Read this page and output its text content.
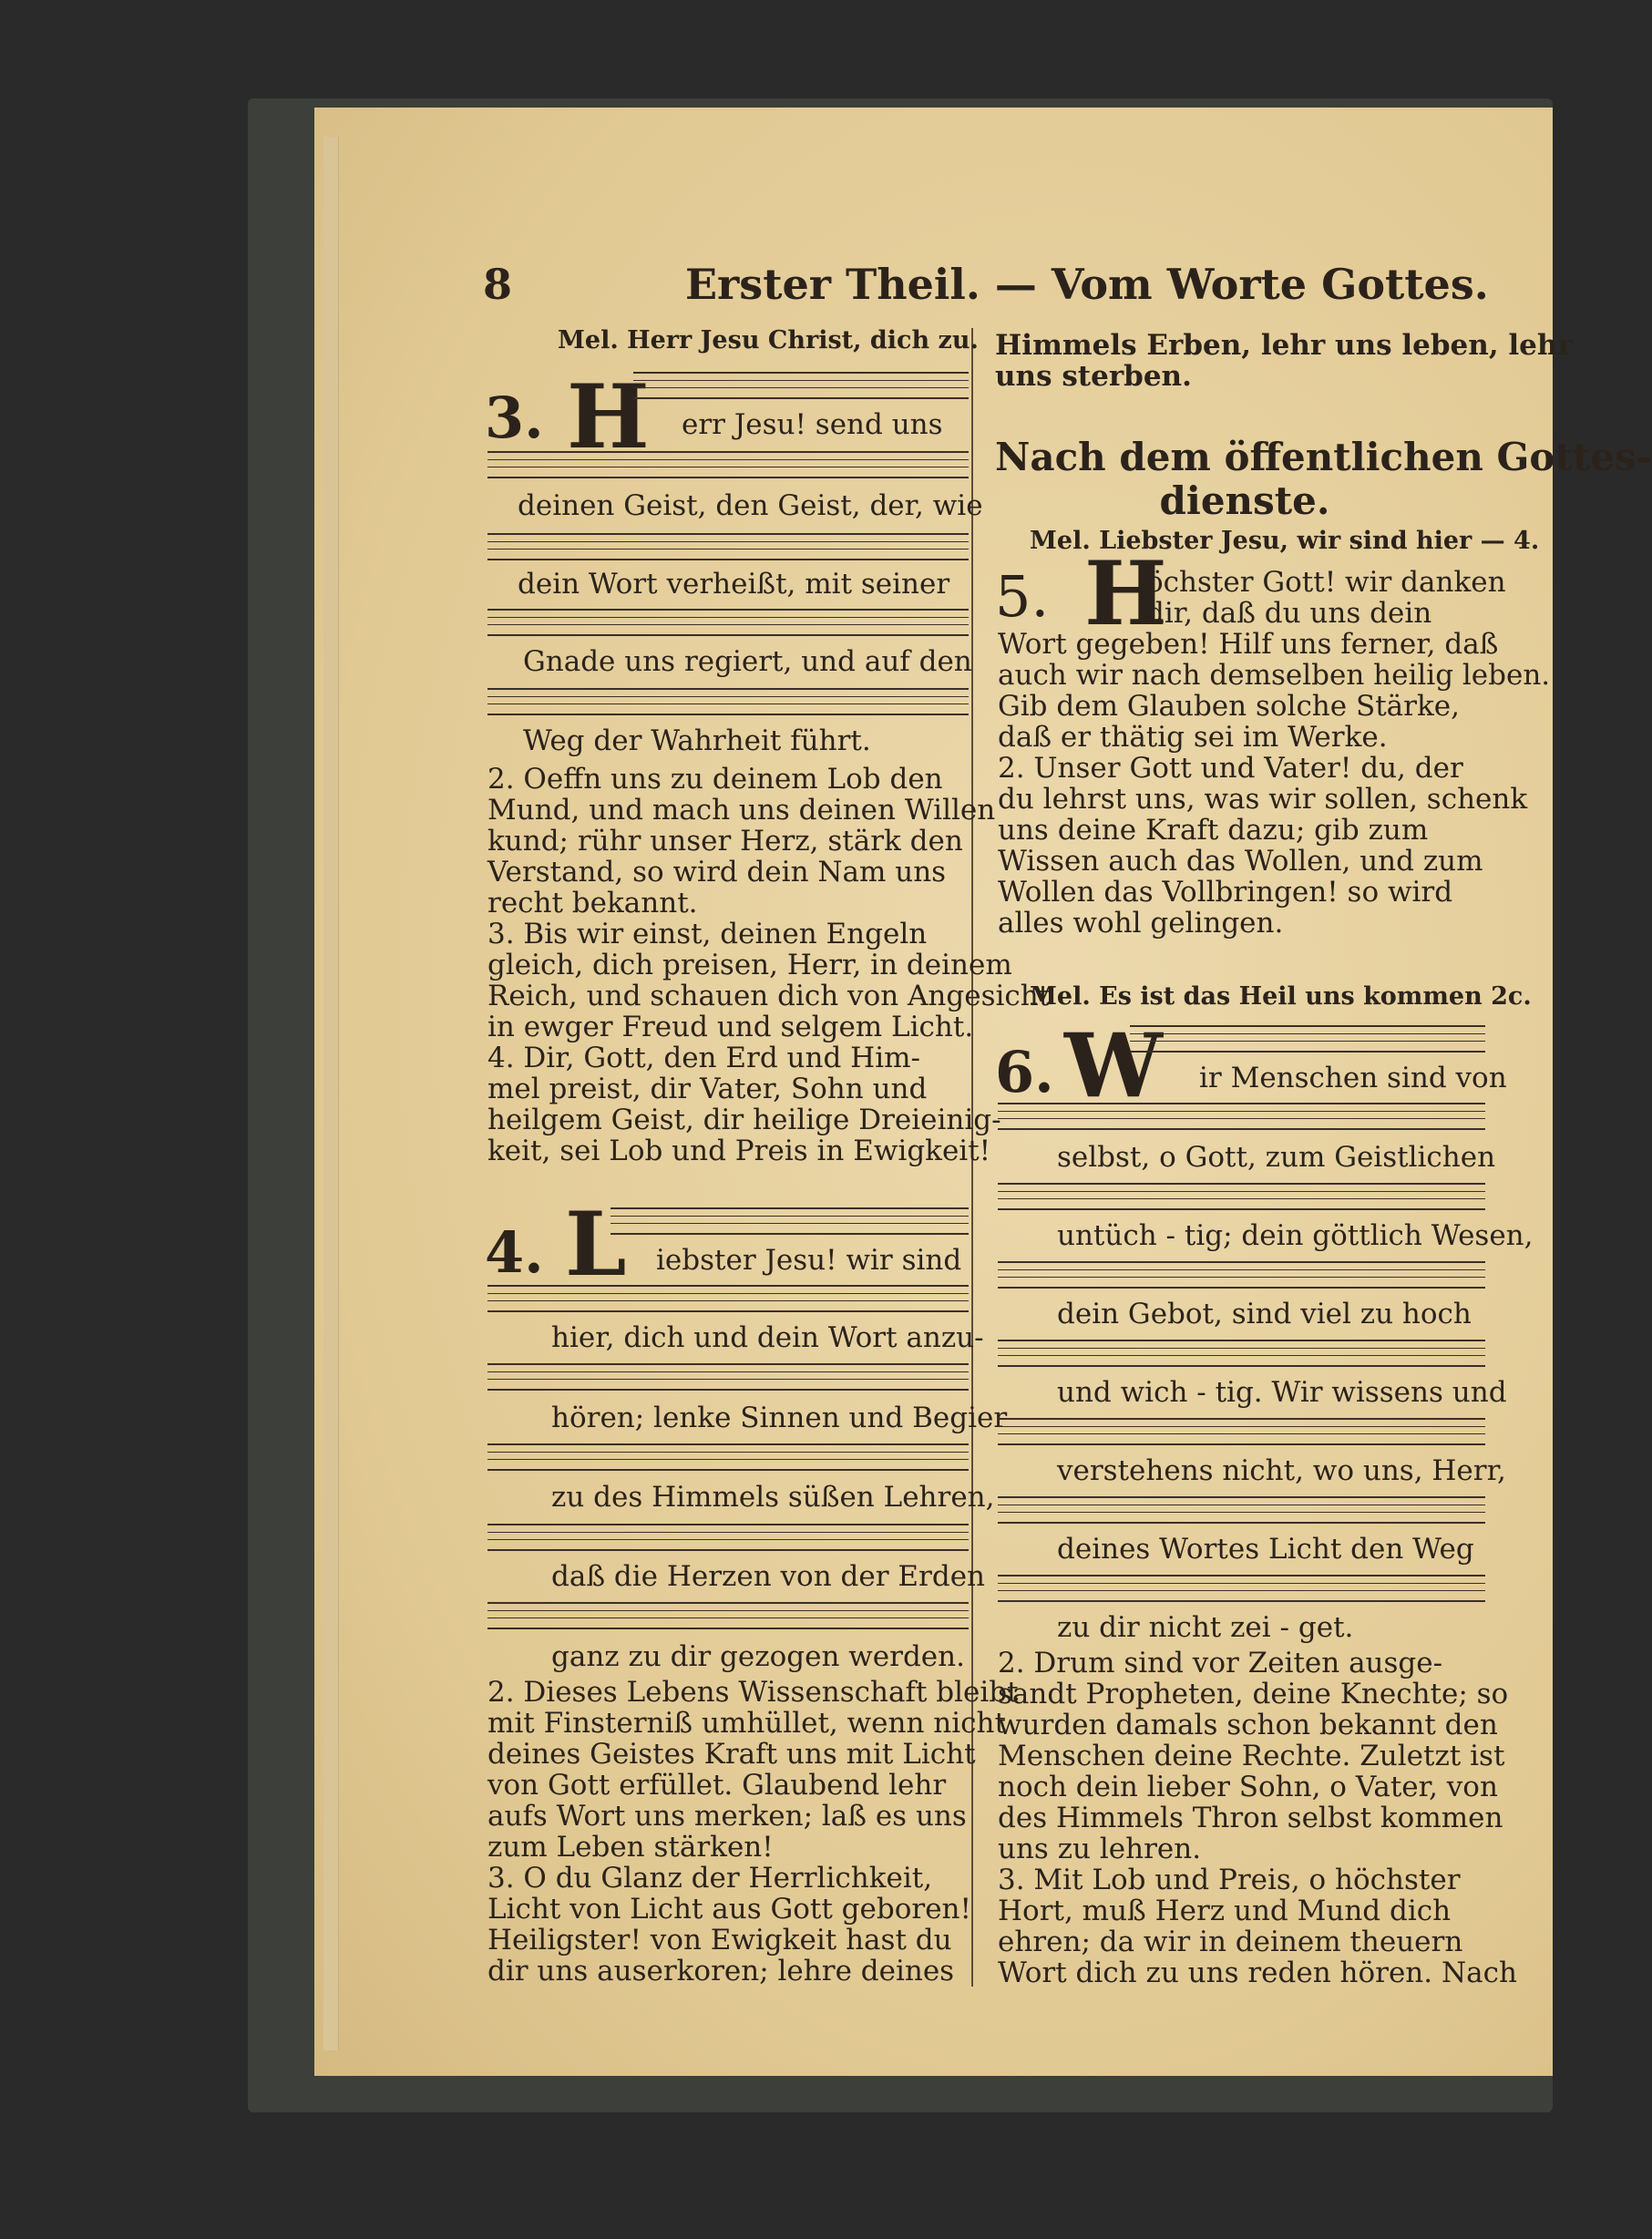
8	Erster Theil. — Vom Worte Gottes.
Mel. Herr Jesu Christ, dich zu.
3. H err Jesu! send uns
deinen Geist, den Geist, der, wie
dein Wort verheißt, mit seiner
Gnade uns regiert, und auf den
Weg der Wahrheit führt.
2. Oeffn uns zu deinem Lob den
Mund, und mach uns deinen Willen
kund; rühr unser Herz, stärk den
Verstand, so wird dein Nam uns
recht bekannt.
3. Bis wir einst, deinen Engeln
gleich, dich preisen, Herr, in deinem
Reich, und schauen dich von Angesicht
in ewger Freud und selgem Licht.
4. Dir, Gott, den Erd und Him-
mel preist, dir Vater, Sohn und
heilgem Geist, dir heilige Dreieinig-
keit, sei Lob und Preis in Ewigkeit!
4. L iebster Jesu! wir sind
hier, dich und dein Wort anzu-
hören; lenke Sinnen und Begier
zu des Himmels süßen Lehren,
daß die Herzen von der Erden
ganz zu dir gezogen werden.
2. Dieses Lebens Wissenschaft bleibt
mit Finsterniß umhüllet, wenn nicht
deines Geistes Kraft uns mit Licht
von Gott erfüllet. Glaubend lehr
aufs Wort uns merken; laß es uns
zum Leben stärken!
3. O du Glanz der Herrlichkeit,
Licht von Licht aus Gott geboren!
Heiligster! von Ewigkeit hast du
dir uns auserkoren; lehre deines
Himmels Erben, lehr uns leben, lehr
uns sterben.
Nach dem öffentlichen Gottes-
dienste.
Mel. Liebster Jesu, wir sind hier — 4.
5. H
öchster Gott! wir danken
dir, daß du uns dein
Wort gegeben! Hilf uns ferner, daß
auch wir nach demselben heilig leben.
Gib dem Glauben solche Stärke,
daß er thätig sei im Werke.
2. Unser Gott und Vater! du, der
du lehrst uns, was wir sollen, schenk
uns deine Kraft dazu; gib zum
Wissen auch das Wollen, und zum
Wollen das Vollbringen! so wird
alles wohl gelingen.
Mel. Es ist das Heil uns kommen 2c.
6. W ir Menschen sind von
selbst, o Gott, zum Geistlichen
untüch - tig; dein göttlich Wesen,
dein Gebot, sind viel zu hoch
und wich - tig. Wir wissens und
verstehens nicht, wo uns, Herr,
deines Wortes Licht den Weg
zu dir nicht zei - get.
2. Drum sind vor Zeiten ausge-
sandt Propheten, deine Knechte; so
wurden damals schon bekannt den
Menschen deine Rechte. Zuletzt ist
noch dein lieber Sohn, o Vater, von
des Himmels Thron selbst kommen
uns zu lehren.
3. Mit Lob und Preis, o höchster
Hort, muß Herz und Mund dich
ehren; da wir in deinem theuern
Wort dich zu uns reden hören. Nach
